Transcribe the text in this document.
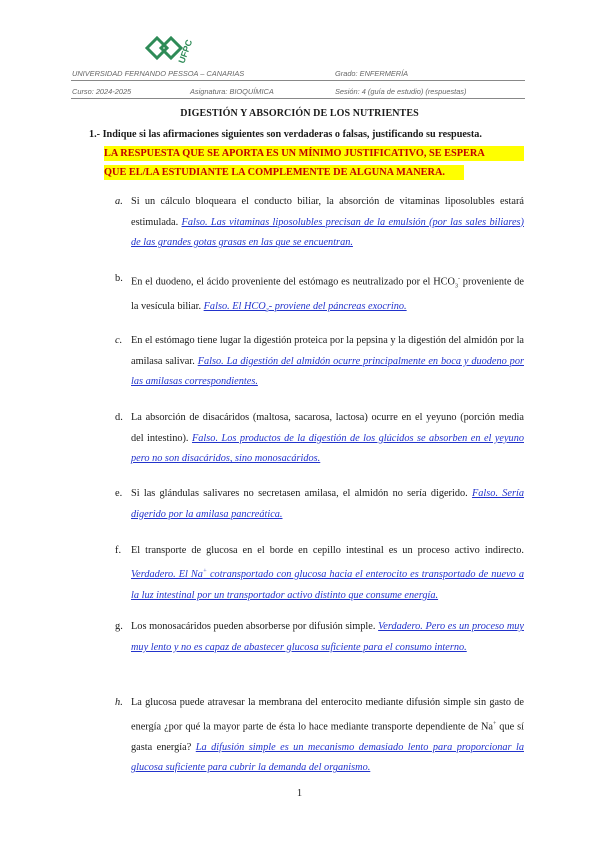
UFPC
UNIVERSIDAD FERNANDO PESSOA – CANARIAS	Grado: ENFERMERÍA
Curso: 2024-2025	Asignatura: BIOQUÍMICA	Sesión: 4 (guía de estudio) (respuestas)
DIGESTIÓN Y ABSORCIÓN DE LOS NUTRIENTES
1.- Indique si las afirmaciones siguientes son verdaderas o falsas, justificando su respuesta.
LA RESPUESTA QUE SE APORTA ES UN MÍNIMO JUSTIFICATIVO, SE ESPERA
QUE EL/LA ESTUDIANTE LA COMPLEMENTE DE ALGUNA MANERA.
a. Si un cálculo bloqueara el conducto biliar, la absorción de vitaminas liposolubles estará estimulada. Falso. Las vitaminas liposolubles precisan de la emulsión (por las sales biliares) de las grandes gotas grasas en las que se encuentran.
b. En el duodeno, el ácido proveniente del estómago es neutralizado por el $HCO_3^-$ proveniente de la vesícula biliar. Falso. El $HCO_3-$ proviene del páncreas exocrino.
c. En el estómago tiene lugar la digestión proteica por la pepsina y la digestión del almidón por la amilasa salivar. Falso. La digestión del almidón ocurre principalmente en boca y duodeno por las amilasas correspondientes.
d. La absorción de disacáridos (maltosa, sacarosa, lactosa) ocurre en el yeyuno (porción media del intestino). Falso. Los productos de la digestión de los glúcidos se absorben en el yeyuno pero no son disacáridos, sino monosacáridos.
e. Si las glándulas salivares no secretasen amilasa, el almidón no sería digerido. Falso. Sería digerido por la amilasa pancreática.
f. El transporte de glucosa en el borde en cepillo intestinal es un proceso activo indirecto. Verdadero. El Na+ cotransportado con glucosa hacia el enterocito es transportado de nuevo a la luz intestinal por un transportador activo distinto que consume energía.
g. Los monosacáridos pueden absorberse por difusión simple. Verdadero. Pero es un proceso muy muy lento y no es capaz de abastecer glucosa suficiente para el consumo interno.
h. La glucosa puede atravesar la membrana del enterocito mediante difusión simple sin gasto de energía ¿por qué la mayor parte de ésta lo hace mediante transporte dependiente de Na+ que sí gasta energía? La difusión simple es un mecanismo demasiado lento para proporcionar la glucosa suficiente para cubrir la demanda del organismo.
1
